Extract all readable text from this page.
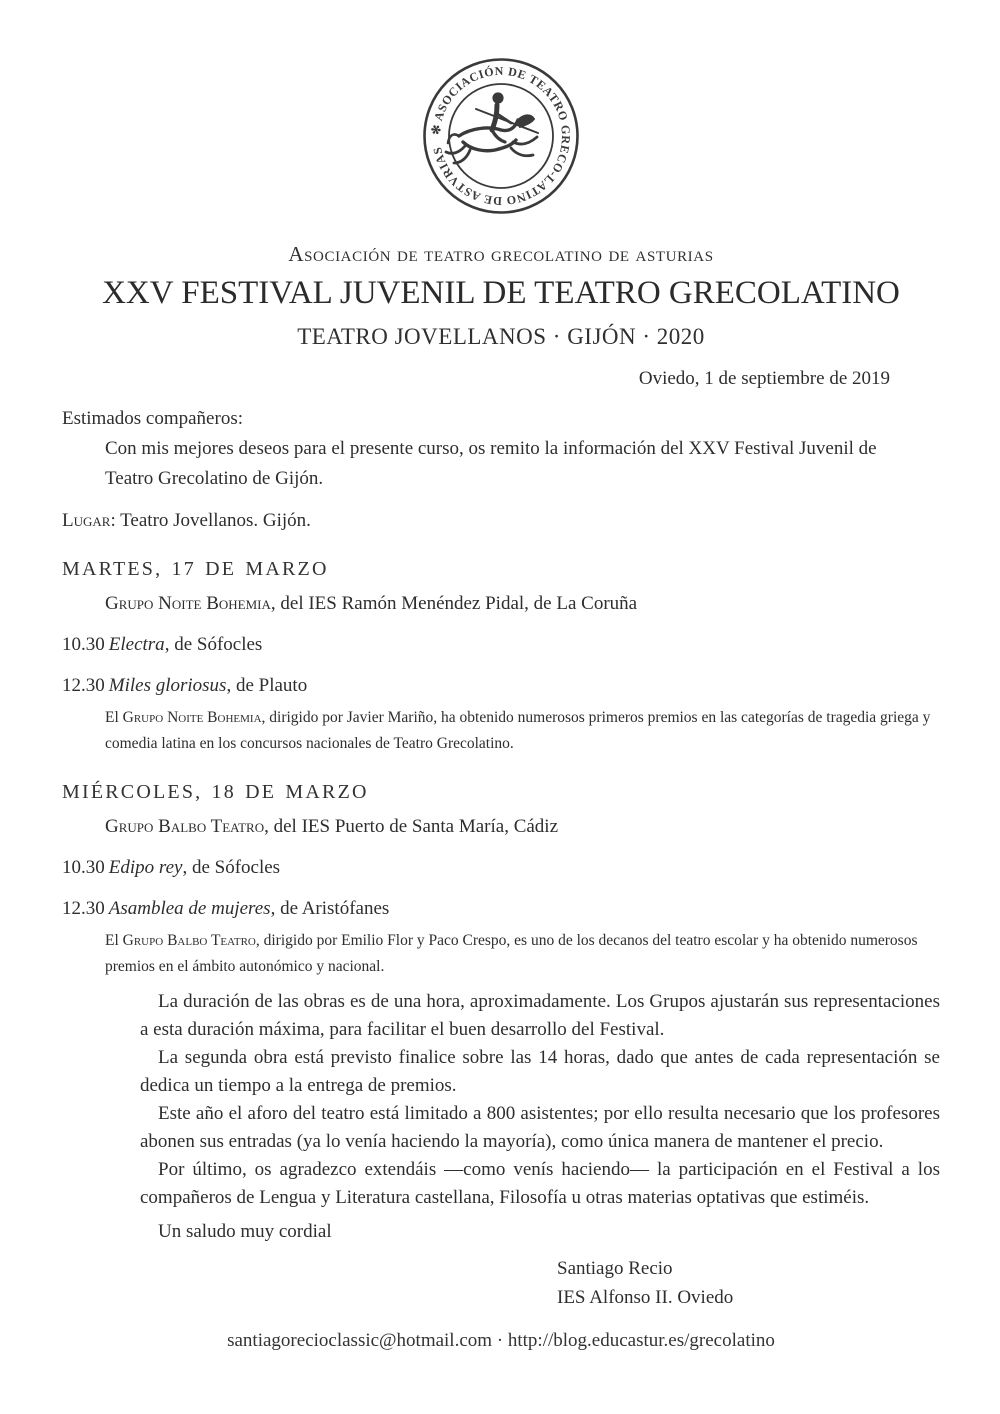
✻ ASOCIACIÓN DE TEATRO GRECO-LATINO DE ASTVRIAS
Asociación de teatro grecolatino de asturias
XXV FESTIVAL JUVENIL DE TEATRO GRECOLATINO
TEATRO JOVELLANOS · GIJÓN · 2020
Oviedo, 1 de septiembre de 2019
Estimados compañeros:

Con mis mejores deseos para el presente curso, os remito la información del XXV Festival Juvenil de Teatro Grecolatino de Gijón.

Lugar: Teatro Jovellanos. Gijón.
MARTES, 17 DE MARZO
Grupo Noite Bohemia, del IES Ramón Menéndez Pidal, de La Coruña
10.30 Electra, de Sófocles
12.30 Miles gloriosus, de Plauto
El Grupo Noite Bohemia, dirigido por Javier Mariño, ha obtenido numerosos primeros premios en las categorías de tragedia griega y comedia latina en los concursos nacionales de Teatro Grecolatino.
MIÉRCOLES, 18 DE MARZO
Grupo Balbo Teatro, del IES Puerto de Santa María, Cádiz
10.30 Edipo rey, de Sófocles
12.30 Asamblea de mujeres, de Aristófanes
El Grupo Balbo Teatro, dirigido por Emilio Flor y Paco Crespo, es uno de los decanos del teatro escolar y ha obtenido numerosos premios en el ámbito autonómico y nacional.

La duración de las obras es de una hora, aproximadamente. Los Grupos ajustarán sus representaciones a esta duración máxima, para facilitar el buen desarrollo del Festival.

La segunda obra está previsto finalice sobre las 14 horas, dado que antes de cada representación se dedica un tiempo a la entrega de premios.

Este año el aforo del teatro está limitado a 800 asistentes; por ello resulta necesario que los profesores abonen sus entradas (ya lo venía haciendo la mayoría), como única manera de mantener el precio.

Por último, os agradezco extendáis —como venís haciendo— la participación en el Festival a los compañeros de Lengua y Literatura castellana, Filosofía u otras materias optativas que estiméis.

Un saludo muy cordial
Santiago Recio
IES Alfonso II. Oviedo
santiagorecioclassic@hotmail.com · http://blog.educastur.es/grecolatino
